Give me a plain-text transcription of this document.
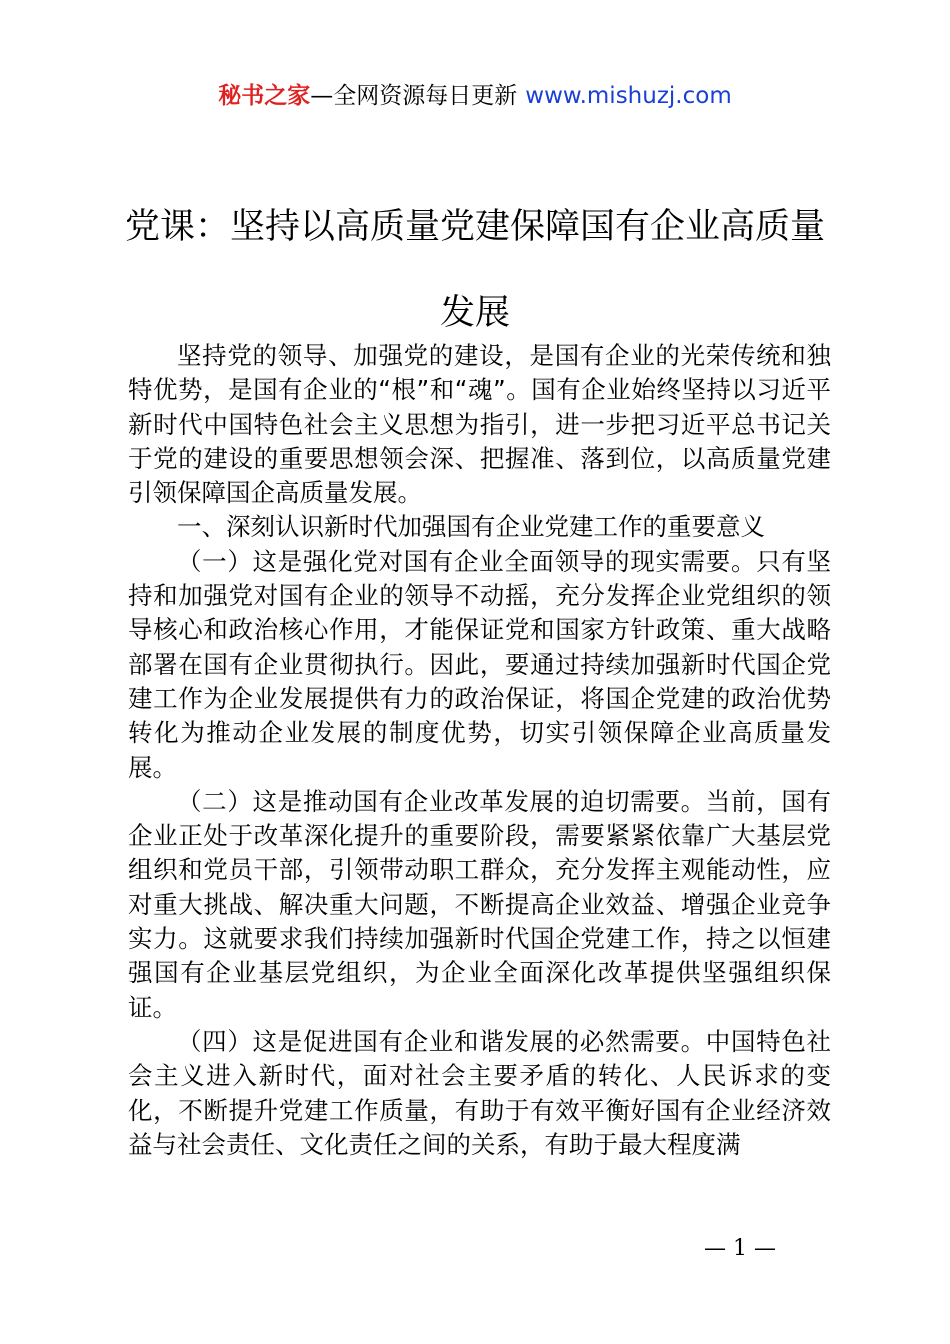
秘书之家—全网资源每日更新 www.mishuzj.com
党课：坚持以高质量党建保障国有企业高质量发展

坚持党的领导、加强党的建设，是国有企业的光荣传统和独特优势，是国有企业的“根”和“魂”。国有企业始终坚持以习近平新时代中国特色社会主义思想为指引，进一步把习近平总书记关于党的建设的重要思想领会深、把握准、落到位，以高质量党建引领保障国企高质量发展。

一、深刻认识新时代加强国有企业党建工作的重要意义

（一）这是强化党对国有企业全面领导的现实需要。只有坚持和加强党对国有企业的领导不动摇，充分发挥企业党组织的领导核心和政治核心作用，才能保证党和国家方针政策、重大战略部署在国有企业贯彻执行。因此，要通过持续加强新时代国企党建工作为企业发展提供有力的政治保证，将国企党建的政治优势转化为推动企业发展的制度优势，切实引领保障企业高质量发展。

（二）这是推动国有企业改革发展的迫切需要。当前，国有企业正处于改革深化提升的重要阶段，需要紧紧依靠广大基层党组织和党员干部，引领带动职工群众，充分发挥主观能动性，应对重大挑战、解决重大问题，不断提高企业效益、增强企业竞争实力。这就要求我们持续加强新时代国企党建工作，持之以恒建强国有企业基层党组织，为企业全面深化改革提供坚强组织保证。

（四）这是促进国有企业和谐发展的必然需要。中国特色社会主义进入新时代，面对社会主要矛盾的转化、人民诉求的变化，不断提升党建工作质量，有助于有效平衡好国有企业经济效益与社会责任、文化责任之间的关系，有助于最大程度满

— 1 —
